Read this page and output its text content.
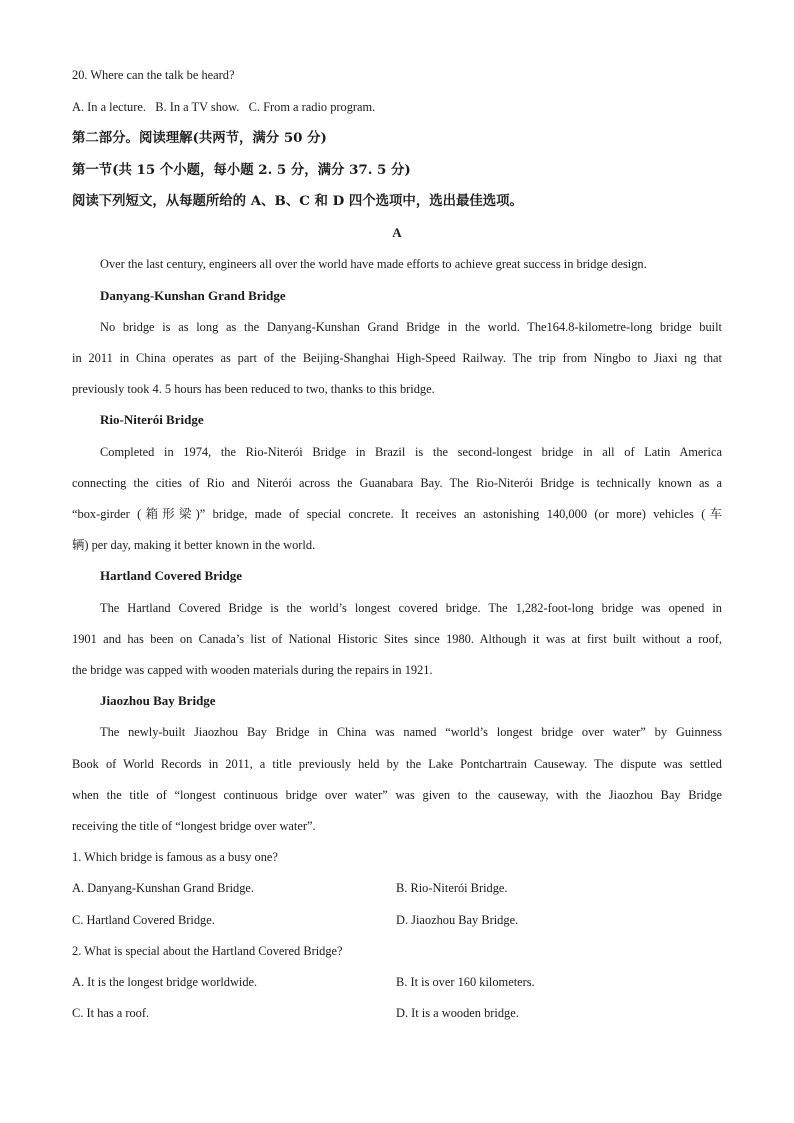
20. Where can the talk be heard?
A. In a lecture.   B. In a TV show.   C. From a radio program.
第二部分。阅读理解(共两节，满分 50 分)
第一节(共 15 个小题，每小题 2. 5 分，满分 37. 5 分)
阅读下列短文，从每题所给的 A、B、C 和 D 四个选项中，选出最佳选项。
A
Over the last century, engineers all over the world have made efforts to achieve great success in bridge design.
Danyang-Kunshan Grand Bridge
No bridge is as long as the Danyang-Kunshan Grand Bridge in the world. The164.8-kilometre-long bridge built
in 2011 in China operates as part of the Beijing-Shanghai High-Speed Railway. The trip from Ningbo to Jiaxi ng that
previously took 4. 5 hours has been reduced to two, thanks to this bridge.
Rio-Niterói Bridge
Completed in 1974, the Rio-Niterói Bridge in Brazil is the second-longest bridge in all of Latin America
connecting the cities of Rio and Niterói across the Guanabara Bay. The Rio-Niterói Bridge is technically known as a
“box-girder (箱形梁)” bridge, made of special concrete. It receives an astonishing 140,000 (or more) vehicles (车
辆) per day, making it better known in the world.
Hartland Covered Bridge
The Hartland Covered Bridge is the world’s longest covered bridge. The 1,282-foot-long bridge was opened in
1901 and has been on Canada’s list of National Historic Sites since 1980. Although it was at first built without a roof,
the bridge was capped with wooden materials during the repairs in 1921.
Jiaozhou Bay Bridge
The newly-built Jiaozhou Bay Bridge in China was named “world’s longest bridge over water” by Guinness
Book of World Records in 2011, a title previously held by the Lake Pontchartrain Causeway. The dispute was settled
when the title of “longest continuous bridge over water” was given to the causeway, with the Jiaozhou Bay Bridge
receiving the title of “longest bridge over water”.
1. Which bridge is famous as a busy one?
A. Danyang-Kunshan Grand Bridge.	B. Rio-Niterói Bridge.
C. Hartland Covered Bridge.	D. Jiaozhou Bay Bridge.
2. What is special about the Hartland Covered Bridge?
A. It is the longest bridge worldwide.	B. It is over 160 kilometers.
C. It has a roof.	D. It is a wooden bridge.
